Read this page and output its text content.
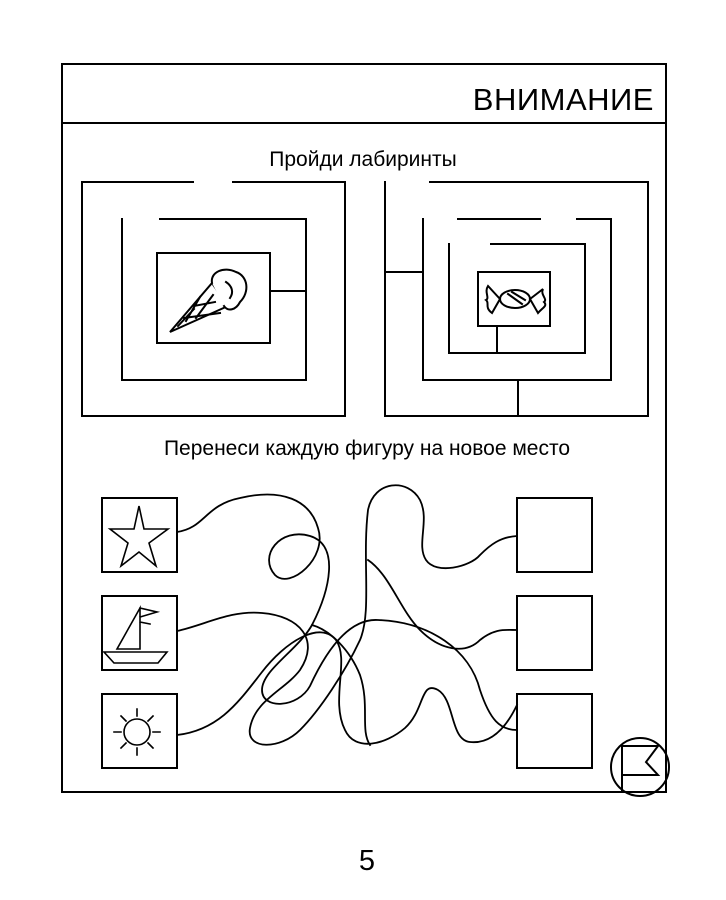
ВНИМАНИЕ
Пройди лабиринты
Перенеси каждую фигуру на новое место
5
